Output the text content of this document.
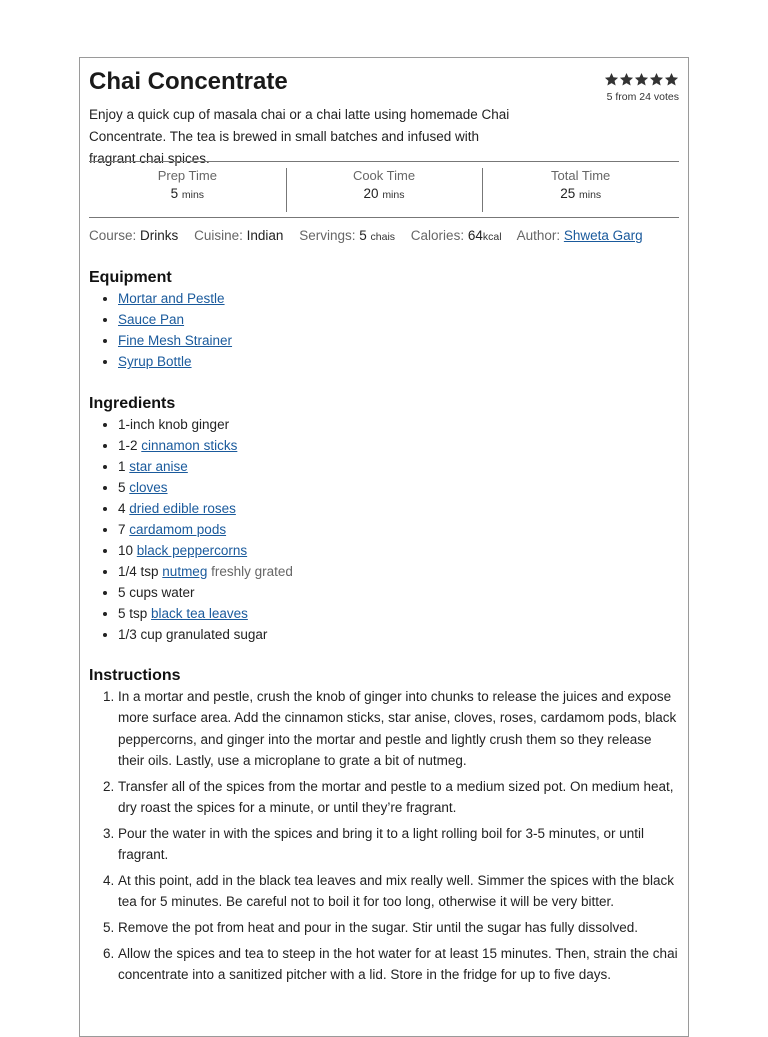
Chai Concentrate
5 from 24 votes

Enjoy a quick cup of masala chai or a chai latte using homemade Chai Concentrate. The tea is brewed in small batches and infused with fragrant chai spices.

Prep Time
5 mins
Cook Time
20 mins
Total Time
25 mins
Course: Drinks Cuisine: Indian Servings: 5 chais Calories: 64kcal Author: Shweta Garg
Equipment
• Mortar and Pestle
• Sauce Pan
• Fine Mesh Strainer
• Syrup Bottle
Ingredients
• 1-inch knob ginger
• 1-2 cinnamon sticks
• 1 star anise
• 5 cloves
• 4 dried edible roses
• 7 cardamom pods
• 10 black peppercorns
• 1/4 tsp nutmeg freshly grated
• 5 cups water
• 5 tsp black tea leaves
• 1/3 cup granulated sugar
Instructions
1. In a mortar and pestle, crush the knob of ginger into chunks to release the juices and expose more surface area. Add the cinnamon sticks, star anise, cloves, roses, cardamom pods, black peppercorns, and ginger into the mortar and pestle and lightly crush them so they release their oils. Lastly, use a microplane to grate a bit of nutmeg.
2. Transfer all of the spices from the mortar and pestle to a medium sized pot. On medium heat, dry roast the spices for a minute, or until they’re fragrant.
3. Pour the water in with the spices and bring it to a light rolling boil for 3-5 minutes, or until fragrant.
4. At this point, add in the black tea leaves and mix really well. Simmer the spices with the black tea for 5 minutes. Be careful not to boil it for too long, otherwise it will be very bitter.
5. Remove the pot from heat and pour in the sugar. Stir until the sugar has fully dissolved.
6. Allow the spices and tea to steep in the hot water for at least 15 minutes. Then, strain the chai concentrate into a sanitized pitcher with a lid. Store in the fridge for up to five days.
